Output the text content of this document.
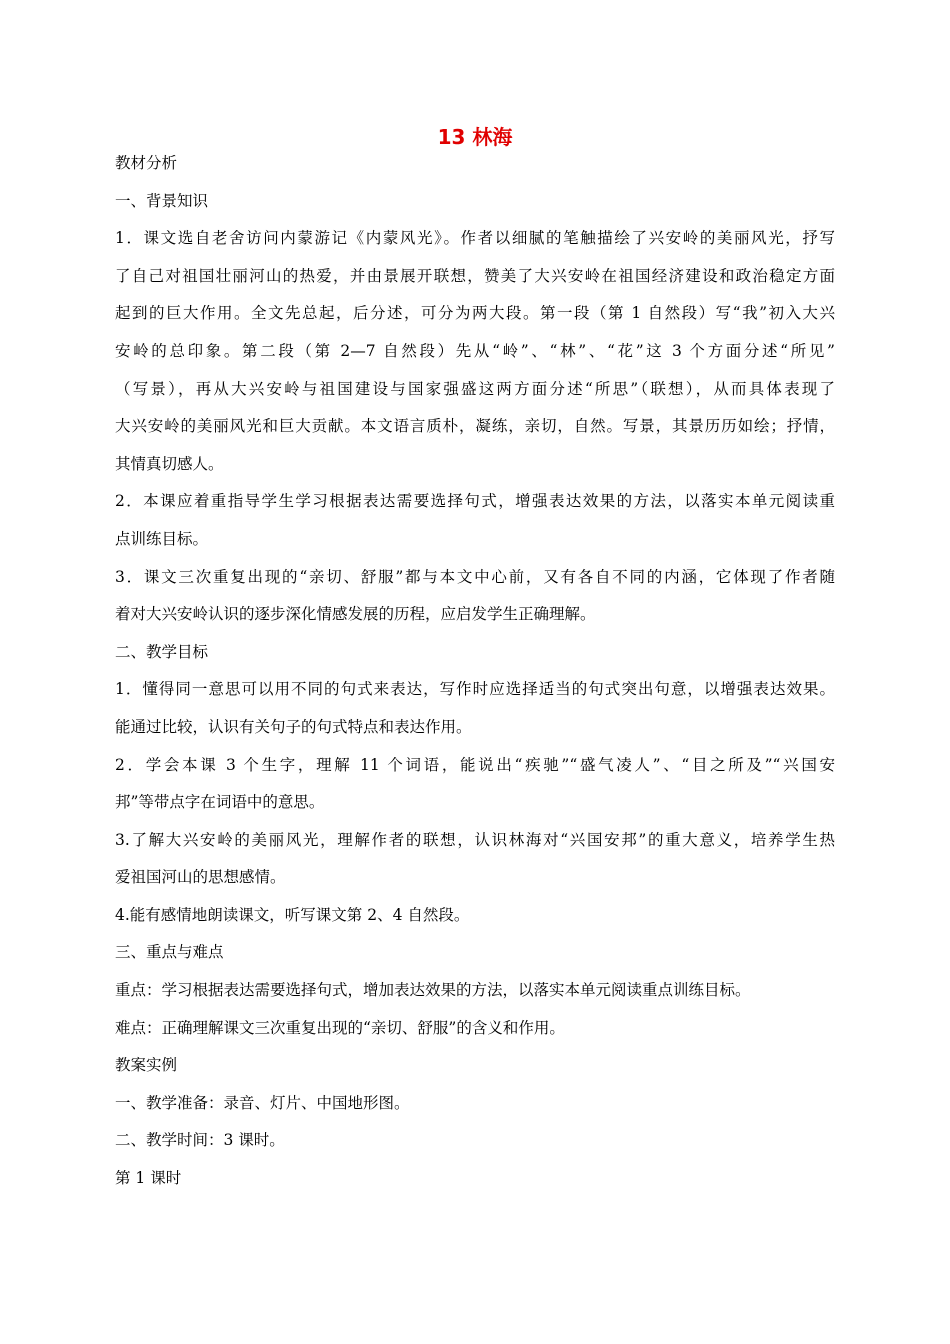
13 林海
教材分析
一、背景知识
1．课文选自老舍访问内蒙游记《内蒙风光》。作者以细腻的笔触描绘了兴安岭的美丽风光，抒写
了自己对祖国壮丽河山的热爱，并由景展开联想，赞美了大兴安岭在祖国经济建设和政治稳定方面
起到的巨大作用。全文先总起，后分述，可分为两大段。第一段（第 1 自然段）写“我”初入大兴
安岭的总印象。第二段（第 2—7 自然段）先从“岭”、“林”、“花”这 3 个方面分述“所见”
（写景），再从大兴安岭与祖国建设与国家强盛这两方面分述“所思”（联想），从而具体表现了
大兴安岭的美丽风光和巨大贡献。本文语言质朴，凝练，亲切，自然。写景，其景历历如绘；抒情，
其情真切感人。
2．本课应着重指导学生学习根据表达需要选择句式，增强表达效果的方法，以落实本单元阅读重
点训练目标。
3．课文三次重复出现的“亲切、舒服”都与本文中心前，又有各自不同的内涵，它体现了作者随
着对大兴安岭认识的逐步深化情感发展的历程，应启发学生正确理解。
二、教学目标
1．懂得同一意思可以用不同的句式来表达，写作时应选择适当的句式突出句意，以增强表达效果。
能通过比较，认识有关句子的句式特点和表达作用。
2．学会本课 3 个生字，理解 11 个词语，能说出“疾驰”“盛气凌人”、“目之所及”“兴国安
邦”等带点字在词语中的意思。
3.了解大兴安岭的美丽风光，理解作者的联想，认识林海对“兴国安邦”的重大意义，培养学生热
爱祖国河山的思想感情。
4.能有感情地朗读课文，听写课文第 2、4 自然段。
三、重点与难点
重点：学习根据表达需要选择句式，增加表达效果的方法，以落实本单元阅读重点训练目标。
难点：正确理解课文三次重复出现的“亲切、舒服”的含义和作用。
教案实例
一、教学准备：录音、灯片、中国地形图。
二、教学时间：3 课时。
第 1 课时
